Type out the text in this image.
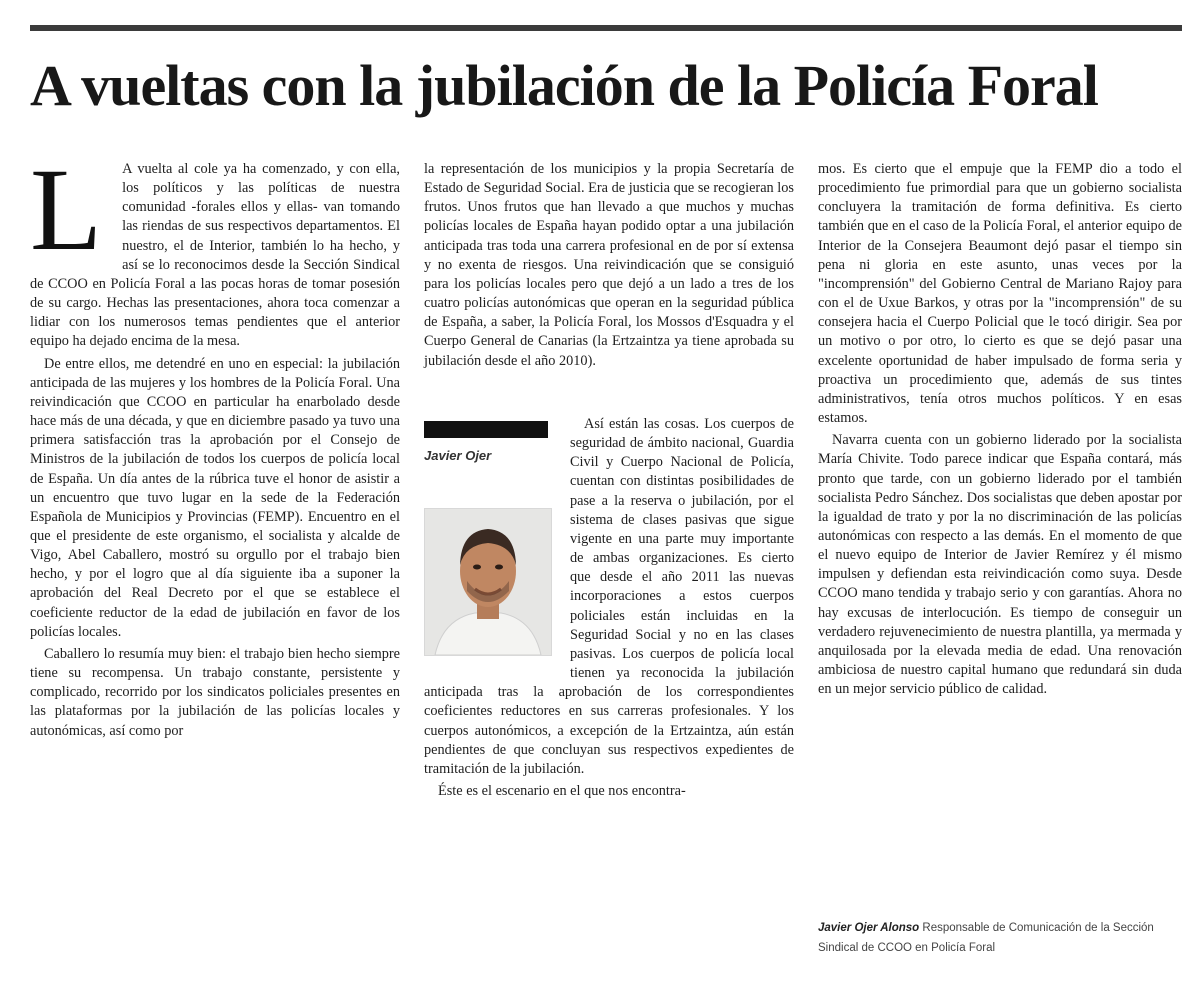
A vueltas con la jubilación de la Policía Foral
L	A vuelta al cole ya ha comenzado, y con ella, los políticos y las políticas de nuestra comunidad -forales ellos y ellas- van tomando las riendas de sus respectivos departamentos. El nuestro, el de Interior, también lo ha hecho, y así se lo reconocimos desde la Sección Sindical de CCOO en Policía Foral a las pocas horas de tomar posesión de su cargo. Hechas las presentaciones, ahora toca comenzar a lidiar con los numerosos temas pendientes que el anterior equipo ha dejado encima de la mesa.

De entre ellos, me detendré en uno en especial: la jubilación anticipada de las mujeres y los hombres de la Policía Foral. Una reivindicación que CCOO en particular ha enarbolado desde hace más de una década, y que en diciembre pasado ya tuvo una primera satisfacción tras la aprobación por el Consejo de Ministros de la jubilación de todos los cuerpos de policía local de España. Un día antes de la rúbrica tuve el honor de asistir a un encuentro que tuvo lugar en la sede de la Federación Española de Municipios y Provincias (FEMP). Encuentro en el que el presidente de este organismo, el socialista y alcalde de Vigo, Abel Caballero, mostró su orgullo por el trabajo bien hecho, y por el logro que al día siguiente iba a suponer la aprobación del Real Decreto por el que se establece el coeficiente reductor de la edad de jubilación en favor de los policías locales.

Caballero lo resumía muy bien: el trabajo bien hecho siempre tiene su recompensa. Un trabajo constante, persistente y complicado, recorrido por los sindicatos policiales presentes en las plataformas por la jubilación de las policías locales y autonómicas, así como por

la representación de los municipios y la propia Secretaría de Estado de Seguridad Social. Era de justicia que se recogieran los frutos. Unos frutos que han llevado a que muchos y muchas policías locales de España hayan podido optar a una jubilación anticipada tras toda una carrera profesional en de por sí extensa y no exenta de riesgos. Una reivindicación que se consiguió para los policías locales pero que dejó a un lado a tres de los cuatro policías autonómicas que operan en la seguridad pública de España, a saber, la Policía Foral, los Mossos d'Esquadra y el Cuerpo General de Canarias (la Ertzaintza ya tiene aprobada su jubilación desde el año 2010).

Así están las cosas. Los cuerpos de seguridad de ámbito nacional, Guardia Civil y Cuerpo Nacional de Policía, cuentan con distintas posibilidades de pase a la reserva o jubilación, por el sistema de clases pasivas que sigue vigente en una parte muy importante de ambas organizaciones. Es cierto que desde el año 2011 las nuevas incorporaciones a estos cuerpos policiales están incluidas en la Seguridad Social y no en las clases pasivas. Los cuerpos de policía local tienen ya reconocida la jubilación anticipada tras la aprobación de los correspondientes coeficientes reductores en sus carreras profesionales. Y los cuerpos autonómicos, a excepción de la Ertzaintza, aún están pendientes de que concluyan sus respectivos expedientes de tramitación de la jubilación.

Éste es el escenario en el que nos encontra-

Javier Ojer

mos. Es cierto que el empuje que la FEMP dio a todo el procedimiento fue primordial para que un gobierno socialista concluyera la tramitación de forma definitiva. Es cierto también que en el caso de la Policía Foral, el anterior equipo de Interior de la Consejera Beaumont dejó pasar el tiempo sin pena ni gloria en este asunto, unas veces por la "incomprensión" del Gobierno Central de Mariano Rajoy para con el de Uxue Barkos, y otras por la "incomprensión" de su consejera hacia el Cuerpo Policial que le tocó dirigir. Sea por un motivo o por otro, lo cierto es que se dejó pasar una excelente oportunidad de haber impulsado de forma seria y proactiva un procedimiento que, además de sus tintes administrativos, tenía otros muchos políticos. Y en esas estamos.

Navarra cuenta con un gobierno liderado por la socialista María Chivite. Todo parece indicar que España contará, más pronto que tarde, con un gobierno liderado por el también socialista Pedro Sánchez. Dos socialistas que deben apostar por la igualdad de trato y por la no discriminación de las policías autonómicas con respecto a las demás. En el momento de que el nuevo equipo de Interior de Javier Remírez y él mismo impulsen y defiendan esta reivindicación como suya. Desde CCOO mano tendida y trabajo serio y con garantías. Ahora no hay excusas de interlocución. Es tiempo de conseguir un verdadero rejuvenecimiento de nuestra plantilla, ya mermada y anquilosada por la elevada media de edad. Una renovación ambiciosa de nuestro capital humano que redundará sin duda en un mejor servicio público de calidad.

Javier Ojer Alonso Responsable de Comunicación de la Sección Sindical de CCOO en Policía Foral
